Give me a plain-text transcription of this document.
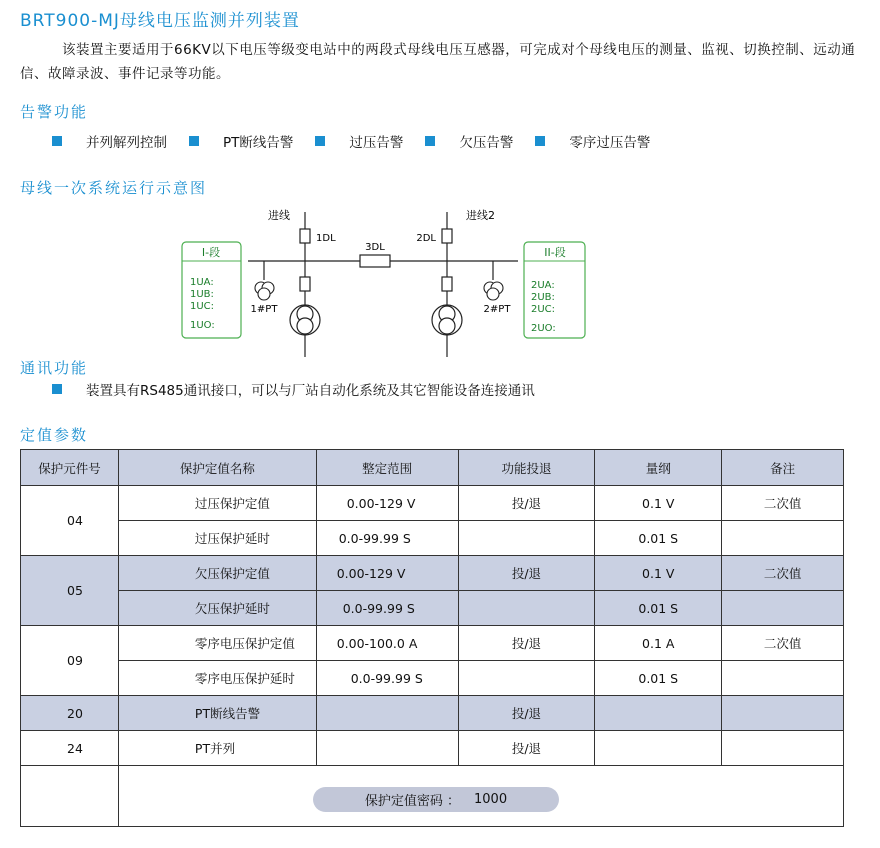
BRT900-MJ母线电压监测并列装置
该装置主要适用于66KV以下电压等级变电站中的两段式母线电压互感器，可完成对个母线电压的测量、监视、切换控制、远动通信、故障录波、事件记录等功能。
告警功能
并列解列控制	PT断线告警	过压告警	欠压告警	零序过压告警
母线一次系统运行示意图
I-段
1UA:
1UB:
1UC:
1UO:
II-段
2UA:
2UB:
2UC:
2UO:
3DL
进线
1DL
1#PT
进线2
2DL
2#PT
通讯功能
装置具有RS485通讯接口，可以与厂站自动化系统及其它智能设备连接通讯
定值参数
保护元件号	保护定值名称	整定范围	功能投退	量纲	备注
04	过压保护定值	0.00-129 V	投/退	0.1 V	二次值
	过压保护延时	0.0-99.99 S		0.01 S	
05	欠压保护定值	0.00-129 V	投/退	0.1 V	二次值
	欠压保护延时	0.0-99.99 S		0.01 S	
09	零序电压保护定值	0.00-100.0 A	投/退	0.1 A	二次值
	零序电压保护延时	0.0-99.99 S		0.01 S	
20	PT断线告警		投/退		
24	PT并列		投/退		

保护定值密码 ： 1000
